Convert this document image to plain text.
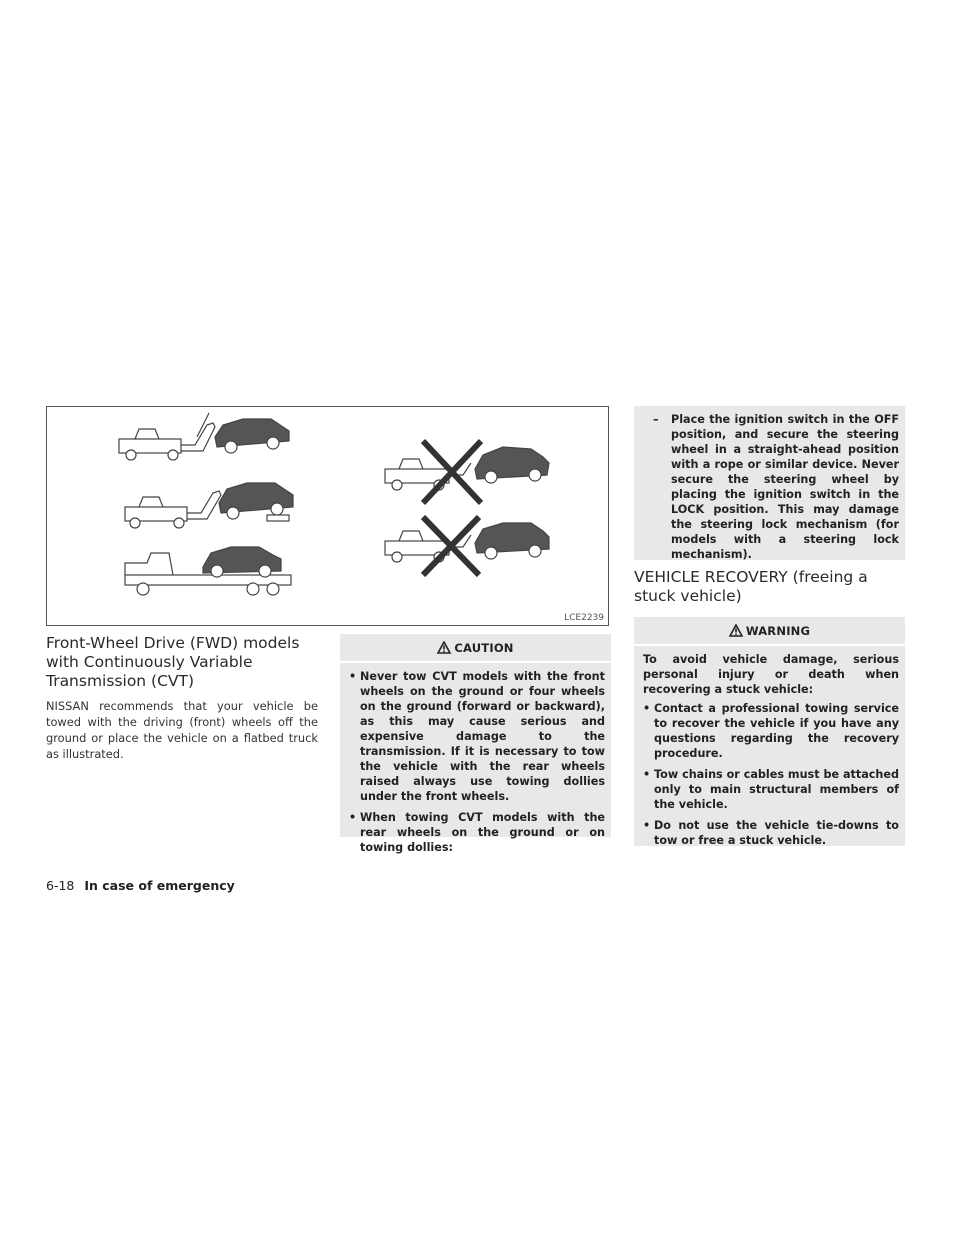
LCE2239
Front-Wheel Drive (FWD) models
with Continuously Variable
Transmission (CVT)

NISSAN recommends that your vehicle be towed with the driving (front) wheels off the ground or place the vehicle on a flatbed truck as illustrated.

CAUTION
• Never tow CVT models with the front wheels on the ground or four wheels on the ground (forward or backward), as this may cause serious and expensive damage to the transmission. If it is necessary to tow the vehicle with the rear wheels raised always use towing dollies under the front wheels.
• When towing CVT models with the rear wheels on the ground or on towing dollies:
–	Place the ignition switch in the OFF position, and secure the steering wheel in a straight-ahead position with a rope or similar device. Never secure the steering wheel by placing the ignition switch in the LOCK position. This may damage the steering lock mechanism (for models with a steering lock mechanism).
VEHICLE RECOVERY (freeing a
stuck vehicle)
WARNING

To avoid vehicle damage, serious personal injury or death when recovering a stuck vehicle:

• Contact a professional towing service to recover the vehicle if you have any questions regarding the recovery procedure.
• Tow chains or cables must be attached only to main structural members of the vehicle.
• Do not use the vehicle tie-downs to tow or free a stuck vehicle.
6-18 In case of emergency
